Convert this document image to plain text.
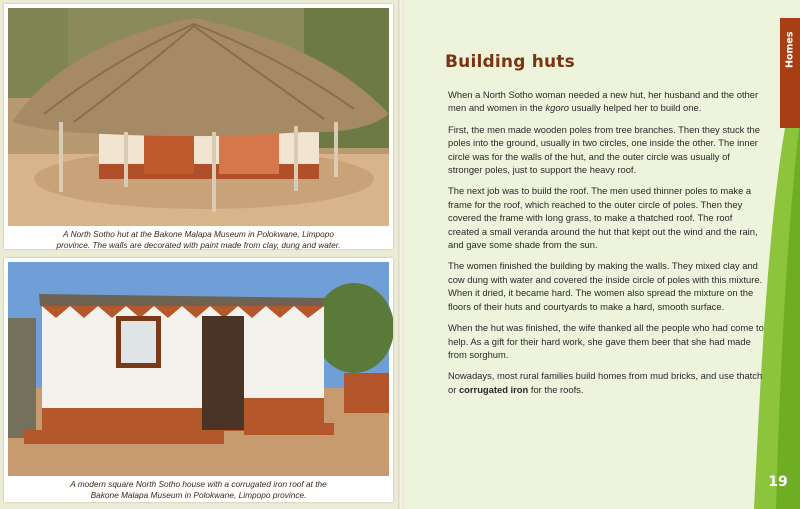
A North Sotho hut at the Bakone Malapa Museum in Polokwane, Limpopo
province. The walls are decorated with paint made from clay, dung and water.
A modern square North Sotho house with a corrugated iron roof at the
Bakone Malapa Museum in Polokwane, Limpopo province.
Homes
Building huts

When a North Sotho woman needed a new hut, her husband and the other men and women in the kgoro usually helped her to build one.

First, the men made wooden poles from tree branches. Then they stuck the poles into the ground, usually in two circles, one inside the other. The inner circle was for the walls of the hut, and the outer circle was usually of stronger poles, just to support the heavy roof.

The next job was to build the roof. The men used thinner poles to make a frame for the roof, which reached to the outer circle of poles. Then they covered the frame with long grass, to make a thatched roof. The roof created a small veranda around the hut that kept out the wind and the rain, and gave some shade from the sun.

The women finished the building by making the walls. They mixed clay and cow dung with water and covered the inside circle of poles with this mixture. When it dried, it became hard. The women also spread the mixture on the floors of their huts and courtyards to make a hard, smooth surface.

When the hut was finished, the wife thanked all the people who had come to help. As a gift for their hard work, she gave them beer that she had made from sorghum.

Nowadays, most rural families build homes from mud bricks, and use thatch or corrugated iron for the roofs.

19
